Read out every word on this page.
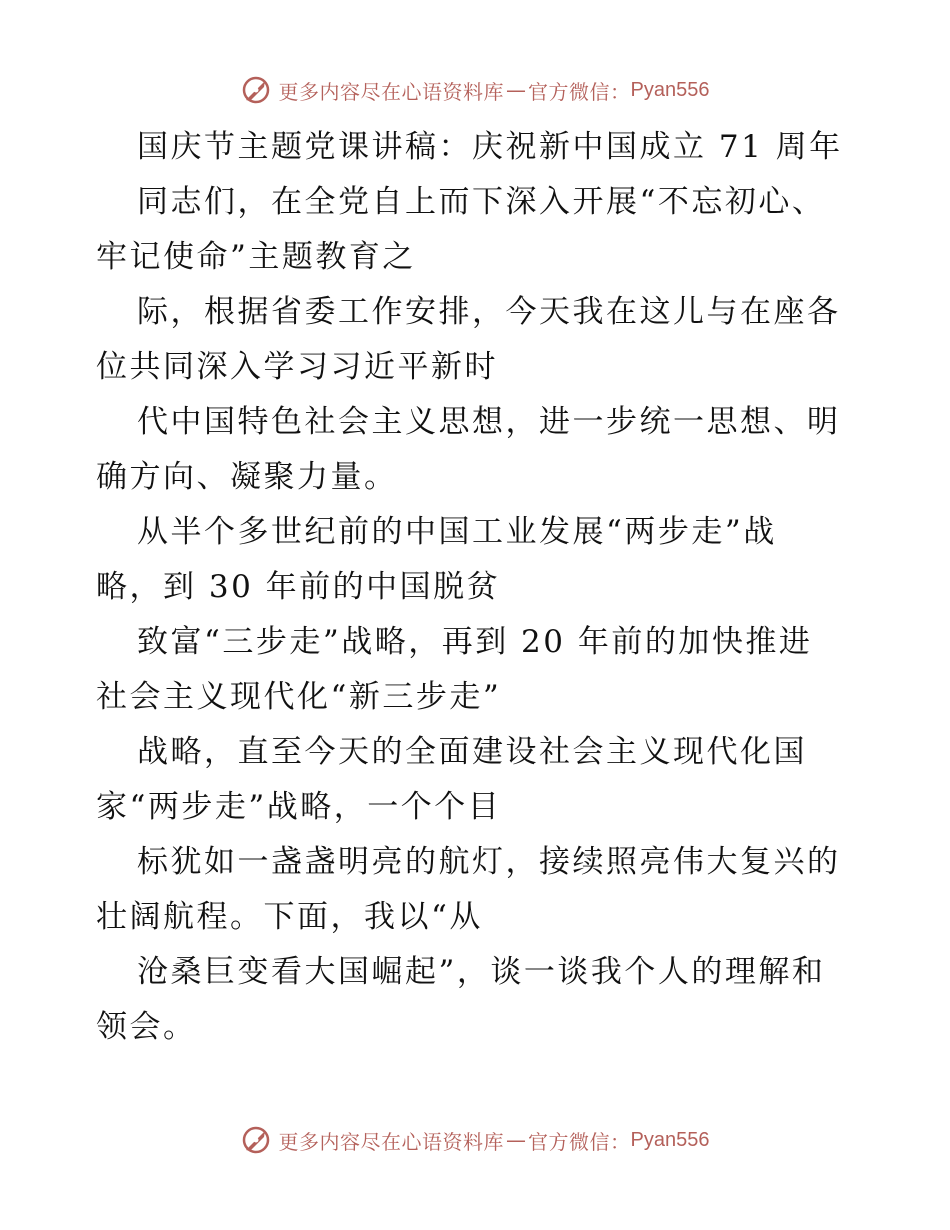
更多内容尽在心语资料库 — 官方微信： Pyan556
国庆节主题党课讲稿：庆祝新中国成立 71 周年
同志们，在全党自上而下深入开展“不忘初心、
牢记使命”主题教育之
际，根据省委工作安排，今天我在这儿与在座各
位共同深入学习习近平新时
代中国特色社会主义思想，进一步统一思想、明
确方向、凝聚力量。
从半个多世纪前的中国工业发展“两步走”战
略，到 30 年前的中国脱贫
致富“三步走”战略，再到 20 年前的加快推进
社会主义现代化“新三步走”
战略，直至今天的全面建设社会主义现代化国
家“两步走”战略，一个个目
标犹如一盏盏明亮的航灯，接续照亮伟大复兴的
壮阔航程。下面，我以“从
沧桑巨变看大国崛起”，谈一谈我个人的理解和
领会。
更多内容尽在心语资料库 — 官方微信： Pyan556
